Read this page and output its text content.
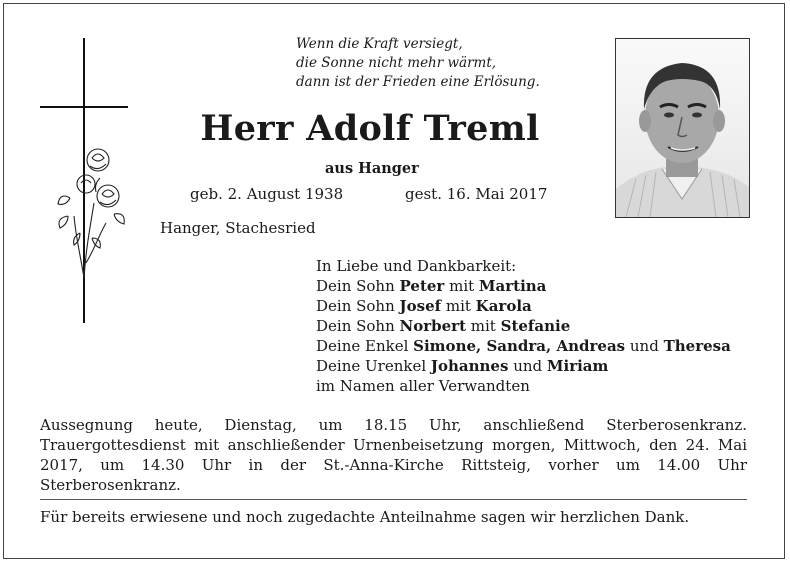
Wenn die Kraft versiegt,
die Sonne nicht mehr wärmt,
dann ist der Frieden eine Erlösung.
Herr Adolf Treml
aus Hanger
geb. 2. August 1938	gest. 16. Mai 2017
Hanger, Stachesried
In Liebe und Dankbarkeit:
Dein Sohn Peter mit Martina
Dein Sohn Josef mit Karola
Dein Sohn Norbert mit Stefanie
Deine Enkel Simone, Sandra, Andreas und Theresa
Deine Urenkel Johannes und Miriam
im Namen aller Verwandten
Aussegnung heute, Dienstag, um 18.15 Uhr, anschließend Sterberosenkranz. Trauergottesdienst mit anschließender Urnenbeisetzung morgen, Mittwoch, den 24. Mai 2017, um 14.30 Uhr in der St.-Anna-Kirche Rittsteig, vorher um 14.00 Uhr Sterberosenkranz.
Für bereits erwiesene und noch zugedachte Anteilnahme sagen wir herzlichen Dank.
